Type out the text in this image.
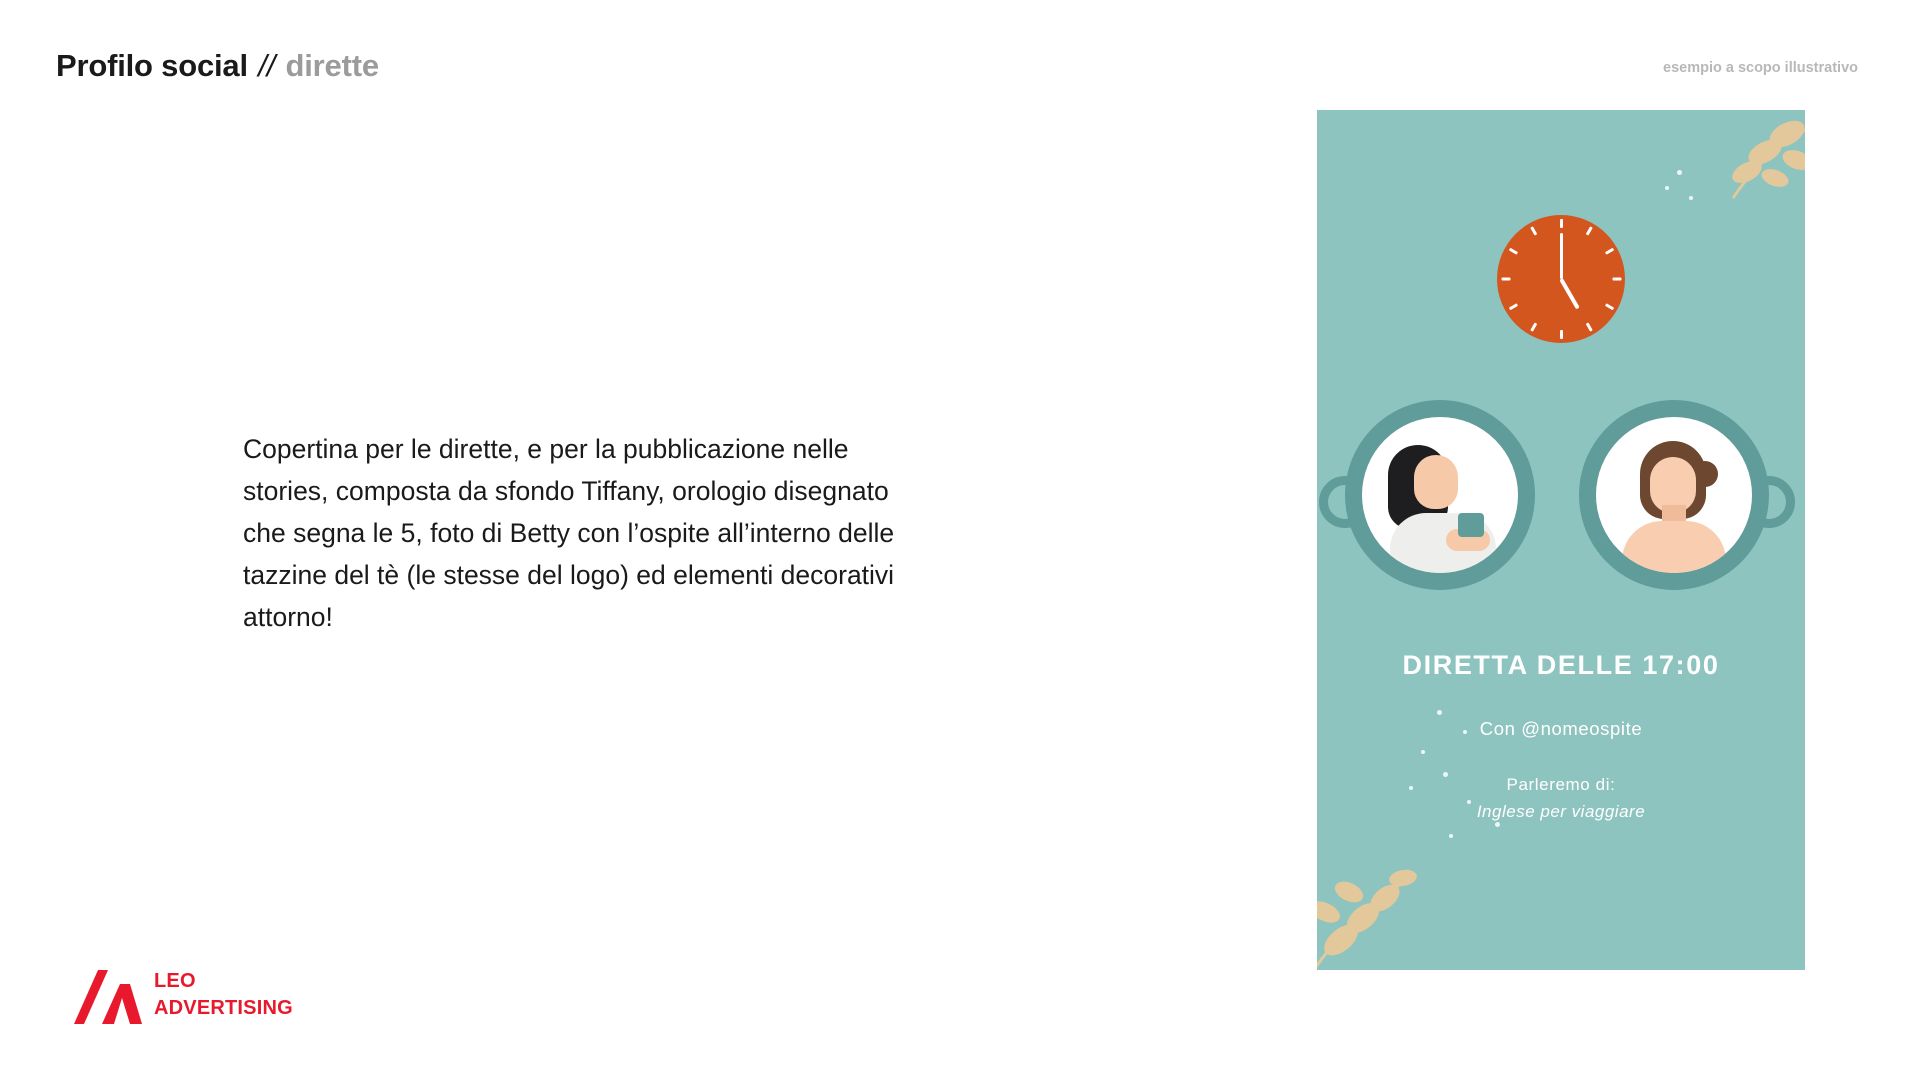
Profilo social // dirette	esempio a scopo illustrativo
Copertina per le dirette, e per la pubblicazione nelle stories, composta da sfondo Tiffany, orologio disegnato che segna le 5, foto di Betty con l’ospite all’interno delle tazzine del tè (le stesse del logo) ed elementi decorativi attorno!
LEO
ADVERTISING
DIRETTA DELLE 17:00
Con @nomeospite
Parleremo di:
Inglese per viaggiare
